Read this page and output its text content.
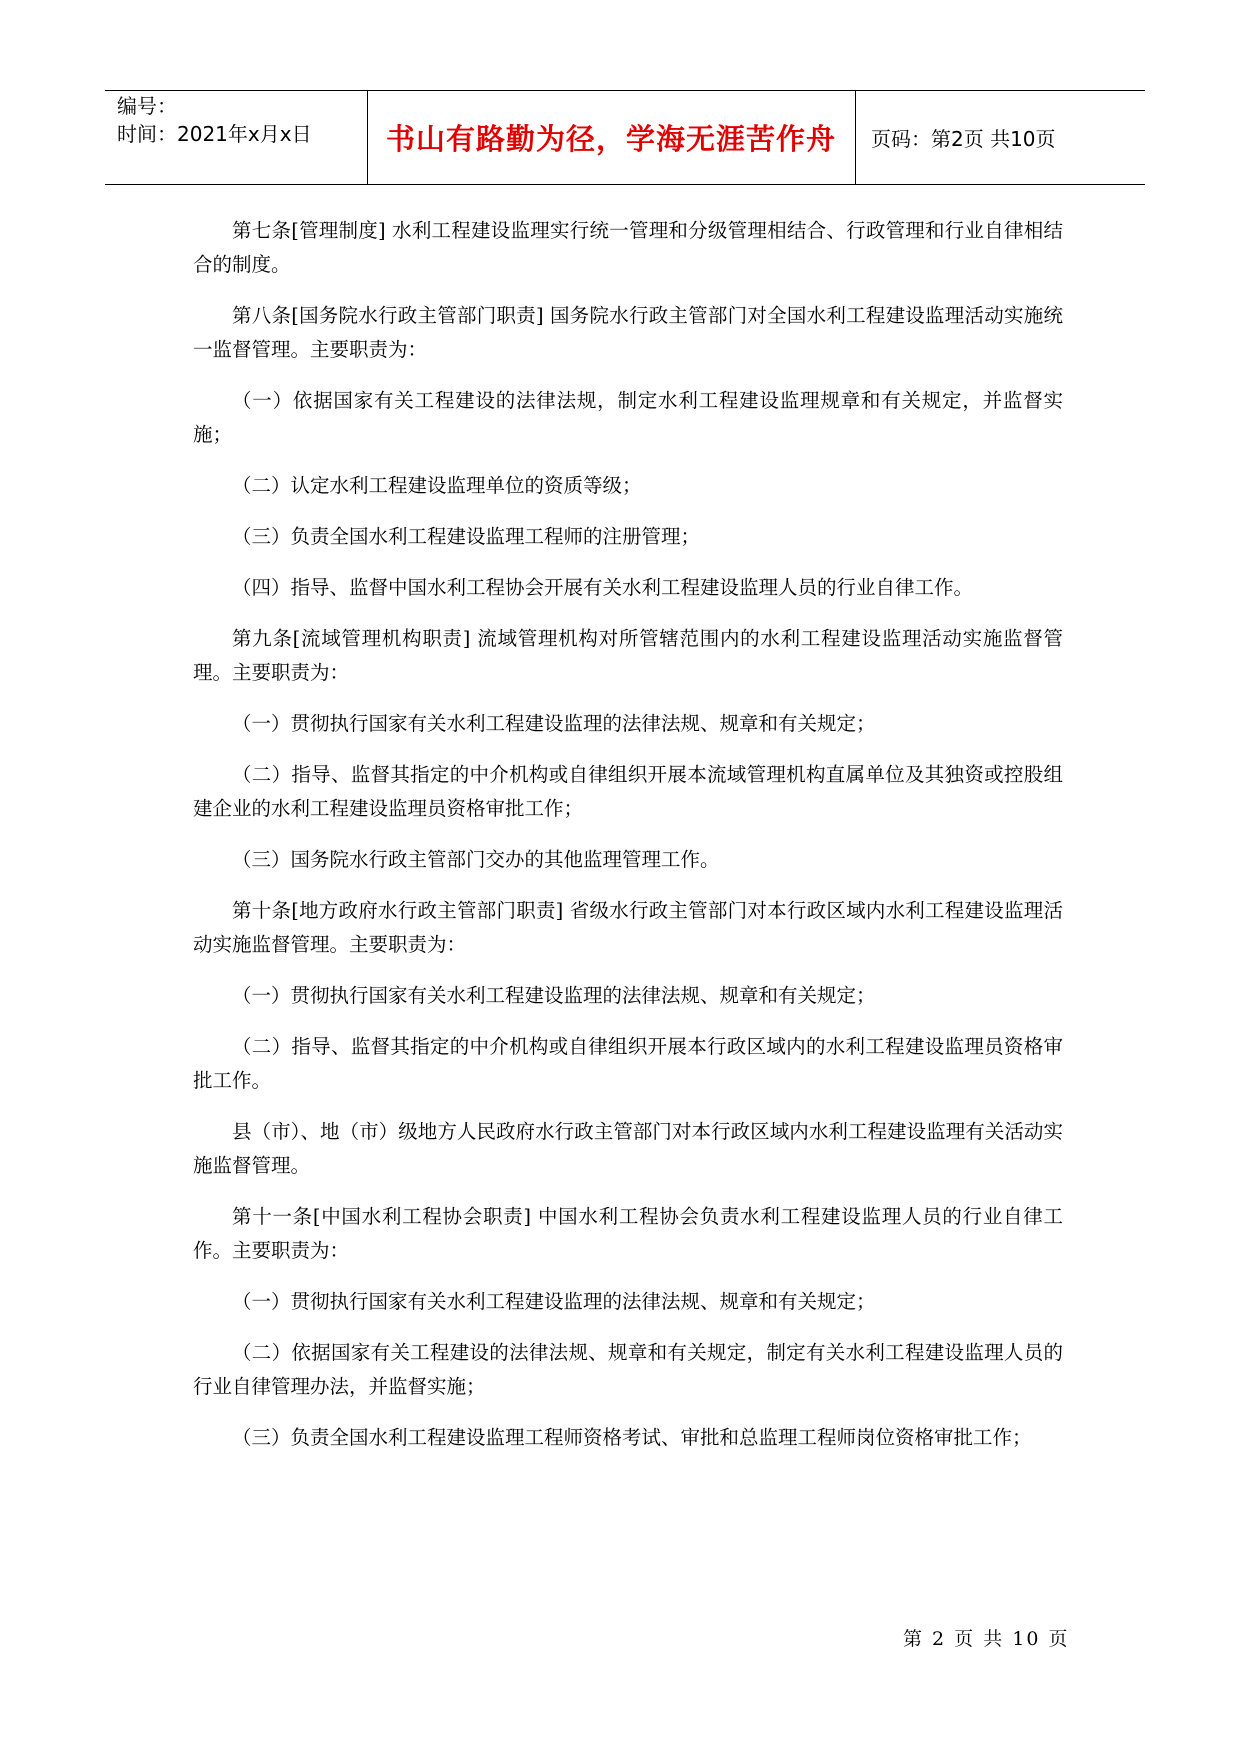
编号：
时间：2021年x月x日	书山有路勤为径，学海无涯苦作舟	页码：第2页 共10页

第七条[管理制度] 水利工程建设监理实行统一管理和分级管理相结合、行政管理和行业自律相结合的制度。

第八条[国务院水行政主管部门职责] 国务院水行政主管部门对全国水利工程建设监理活动实施统一监督管理。主要职责为：

（一）依据国家有关工程建设的法律法规，制定水利工程建设监理规章和有关规定，并监督实施；

（二）认定水利工程建设监理单位的资质等级；

（三）负责全国水利工程建设监理工程师的注册管理；

（四）指导、监督中国水利工程协会开展有关水利工程建设监理人员的行业自律工作。

第九条[流域管理机构职责] 流域管理机构对所管辖范围内的水利工程建设监理活动实施监督管理。主要职责为：

（一）贯彻执行国家有关水利工程建设监理的法律法规、规章和有关规定；

（二）指导、监督其指定的中介机构或自律组织开展本流域管理机构直属单位及其独资或控股组建企业的水利工程建设监理员资格审批工作；

（三）国务院水行政主管部门交办的其他监理管理工作。

第十条[地方政府水行政主管部门职责] 省级水行政主管部门对本行政区域内水利工程建设监理活动实施监督管理。主要职责为：

（一）贯彻执行国家有关水利工程建设监理的法律法规、规章和有关规定；

（二）指导、监督其指定的中介机构或自律组织开展本行政区域内的水利工程建设监理员资格审批工作。

县（市）、地（市）级地方人民政府水行政主管部门对本行政区域内水利工程建设监理有关活动实施监督管理。

第十一条[中国水利工程协会职责] 中国水利工程协会负责水利工程建设监理人员的行业自律工作。主要职责为：

（一）贯彻执行国家有关水利工程建设监理的法律法规、规章和有关规定；

（二）依据国家有关工程建设的法律法规、规章和有关规定，制定有关水利工程建设监理人员的行业自律管理办法，并监督实施；

（三）负责全国水利工程建设监理工程师资格考试、审批和总监理工程师岗位资格审批工作；

第 2 页 共 10 页
